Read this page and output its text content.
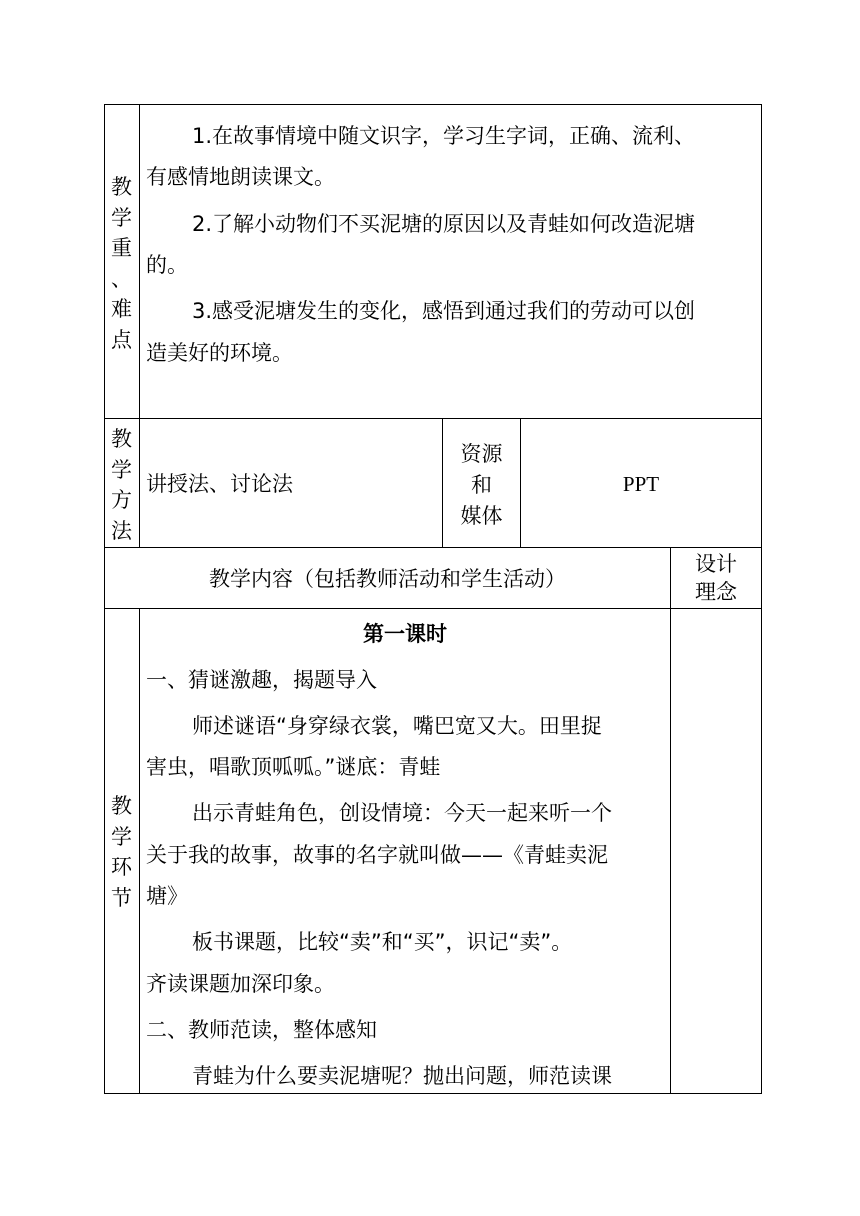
教
学
重
、
难
点
1.在故事情境中随文识字，学习生字词，正确、流利、
有感情地朗读课文。
2.了解小动物们不买泥塘的原因以及青蛙如何改造泥塘
的。
3.感受泥塘发生的变化，感悟到通过我们的劳动可以创
造美好的环境。
教
学
方
法
讲授法、讨论法
资源
和
媒体
PPT
教学内容（包括教师活动和学生活动）
设计
理念
教
学
环
节
第一课时
一、猜谜激趣，揭题导入
师述谜语“身穿绿衣裳，嘴巴宽又大。田里捉
害虫，唱歌顶呱呱。”谜底：青蛙
出示青蛙角色，创设情境：今天一起来听一个
关于我的故事，故事的名字就叫做——《青蛙卖泥
塘》
板书课题，比较“卖”和“买”，识记“卖”。
齐读课题加深印象。
二、教师范读，整体感知
青蛙为什么要卖泥塘呢？抛出问题，师范读课
